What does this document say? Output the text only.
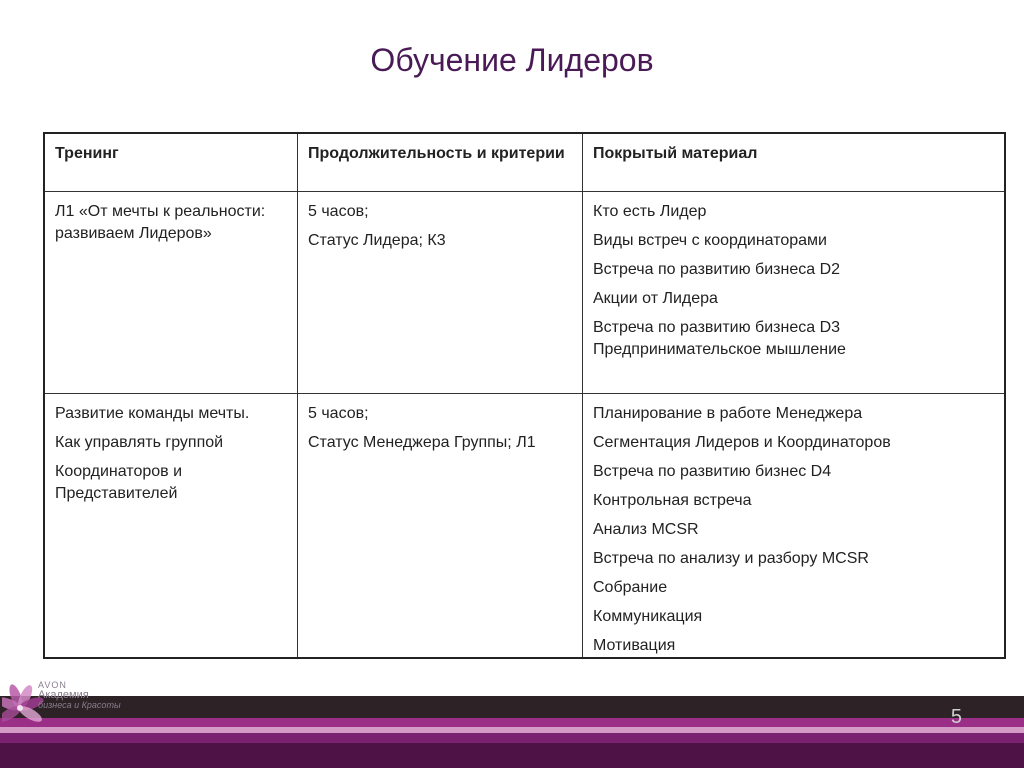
Обучение Лидеров
Тренинг	Продолжительность и критерии	Покрытый материал
Л1 «От мечты к реальности: развиваем Лидеров»
5 часов;
Статус Лидера; К3
Кто есть Лидер
Виды встреч с координаторами
Встреча по развитию бизнеса D2
Акции от Лидера
Встреча по развитию бизнеса D3 Предпринимательское мышление
Развитие команды мечты.
Как управлять группой
Координаторов и Представителей
5 часов;
Статус Менеджера Группы; Л1
Планирование в работе Менеджера
Сегментация Лидеров и Координаторов
Встреча по развитию бизнес D4
Контрольная встреча
Анализ MCSR
Встреча по анализу и разбору MCSR
Собрание
Коммуникация
Мотивация
AVON
Академия
бизнеса и Красоты
5
